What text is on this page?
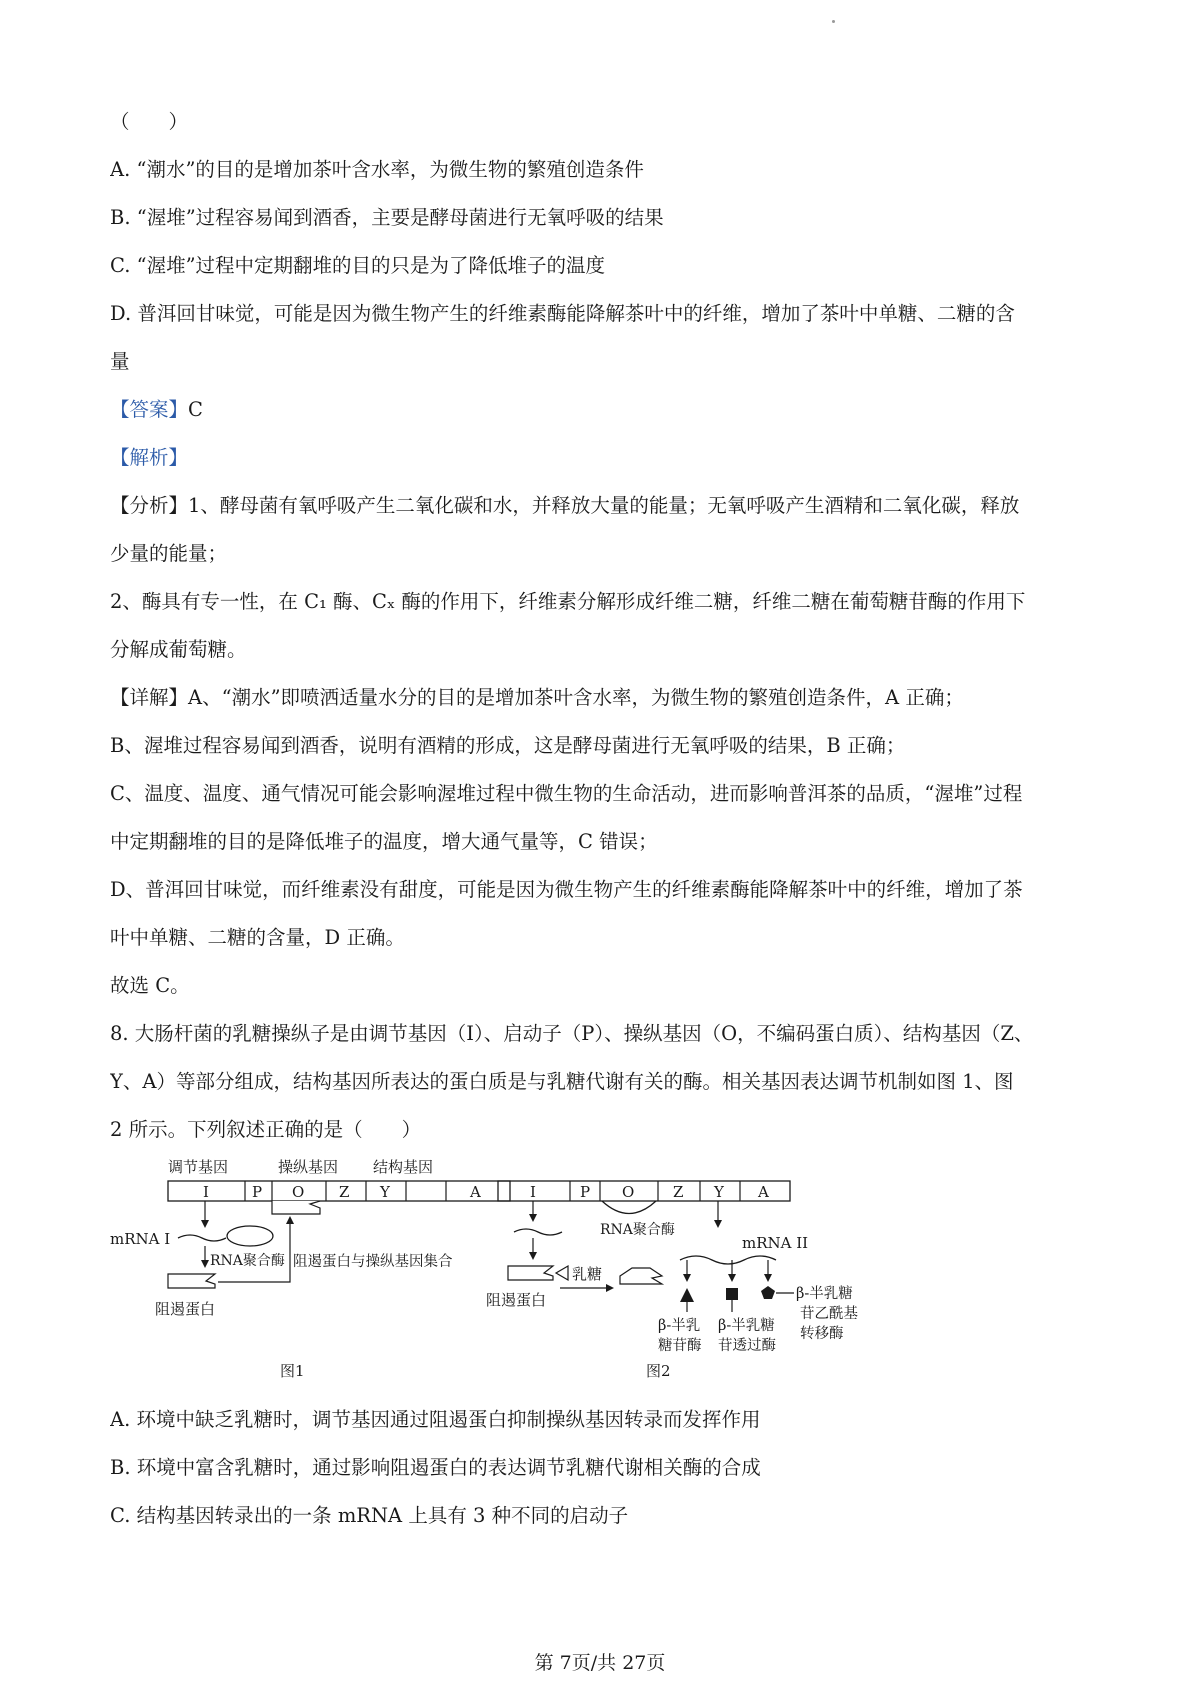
（　　）
A. “潮水”的目的是增加茶叶含水率，为微生物的繁殖创造条件
B. “渥堆”过程容易闻到酒香，主要是酵母菌进行无氧呼吸的结果
C. “渥堆”过程中定期翻堆的目的只是为了降低堆子的温度
D. 普洱回甘味觉，可能是因为微生物产生的纤维素酶能降解茶叶中的纤维，增加了茶叶中单糖、二糖的含
量
【答案】C
【解析】
【分析】1、酵母菌有氧呼吸产生二氧化碳和水，并释放大量的能量；无氧呼吸产生酒精和二氧化碳，释放
少量的能量；
2、酶具有专一性，在 C₁ 酶、Cₓ 酶的作用下，纤维素分解形成纤维二糖，纤维二糖在葡萄糖苷酶的作用下
分解成葡萄糖。
【详解】A、“潮水”即喷洒适量水分的目的是增加茶叶含水率，为微生物的繁殖创造条件，A 正确；
B、渥堆过程容易闻到酒香，说明有酒精的形成，这是酵母菌进行无氧呼吸的结果，B 正确；
C、温度、温度、通气情况可能会影响渥堆过程中微生物的生命活动，进而影响普洱茶的品质，“渥堆”过程
中定期翻堆的目的是降低堆子的温度，增大通气量等，C 错误；
D、普洱回甘味觉，而纤维素没有甜度，可能是因为微生物产生的纤维素酶能降解茶叶中的纤维，增加了茶
叶中单糖、二糖的含量，D 正确。
故选 C。
8. 大肠杆菌的乳糖操纵子是由调节基因（I）、启动子（P）、操纵基因（O，不编码蛋白质）、结构基因（Z、
Y、A）等部分组成，结构基因所表达的蛋白质是与乳糖代谢有关的酶。相关基因表达调节机制如图 1、图
2 所示。下列叙述正确的是（　　）
调节基因	操纵基因 结构基因
I	P O Z Y	A
mRNA I
RNA聚合酶
阻遏蛋白
阻遏蛋白与操纵基因集合
图1
I	P O	Z Y A
RNA聚合酶
阻遏蛋白
乳糖
mRNA II
β-半乳
糖苷酶
β-半乳糖
苷透过酶
β-半乳糖
苷乙酰基
转移酶
图2
A. 环境中缺乏乳糖时，调节基因通过阻遏蛋白抑制操纵基因转录而发挥作用
B. 环境中富含乳糖时，通过影响阻遏蛋白的表达调节乳糖代谢相关酶的合成
C. 结构基因转录出的一条 mRNA 上具有 3 种不同的启动子
第 7页/共 27页
